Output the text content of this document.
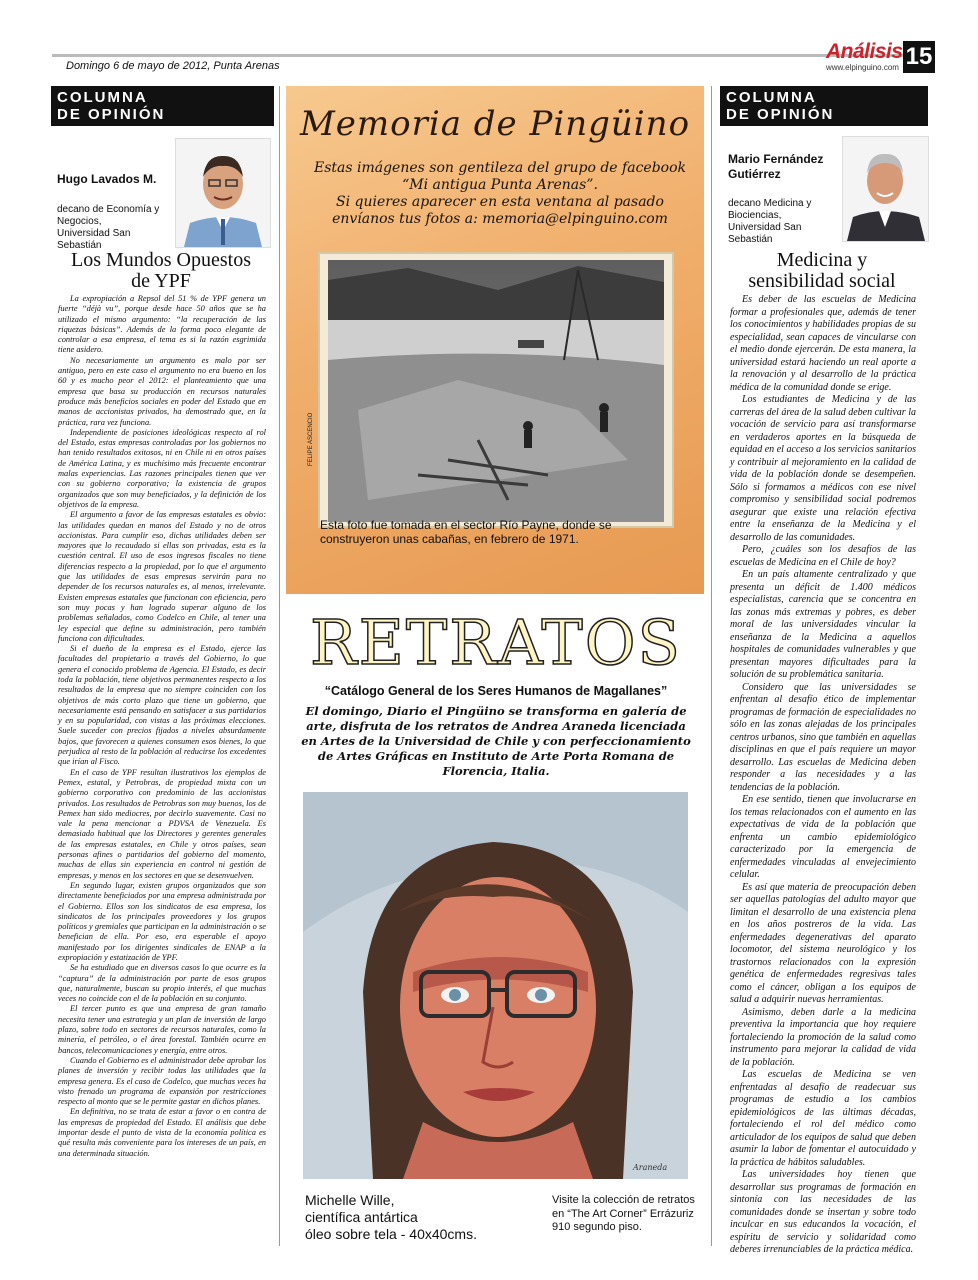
Domingo 6 de mayo de 2012, Punta Arenas
Análisis
www.elpinguino.com 15
COLUMNA
DE OPINIÓN
Hugo Lavados M.
decano de Economía y
Negocios,
Universidad San Sebastián
Los Mundos Opuestos
de YPF

La expropiación a Repsol del 51 % de YPF genera un fuerte “déjà vu”, porque desde hace 50 años que se ha utilizado el mismo argumento: “la recuperación de las riquezas básicas”. Además de la forma poco elegante de controlar a esa empresa, el tema es si la razón esgrimida tiene asidero.

No necesariamente un argumento es malo por ser antiguo, pero en este caso el argumento no era bueno en los 60 y es mucho peor el 2012: el planteamiento que una empresa que basa su producción en recursos naturales produce más beneficios sociales en poder del Estado que en manos de accionistas privados, ha demostrado que, en la práctica, rara vez funciona.

Independiente de posiciones ideológicas respecto al rol del Estado, estas empresas controladas por los gobiernos no han tenido resultados exitosos, ni en Chile ni en otros países de América Latina, y es muchísimo más frecuente encontrar malas experiencias. Las razones principales tienen que ver con su gobierno corporativo; la existencia de grupos organizados que son muy beneficiados, y la definición de los objetivos de la empresa.

El argumento a favor de las empresas estatales es obvio: las utilidades quedan en manos del Estado y no de otros accionistas. Para cumplir eso, dichas utilidades deben ser mayores que lo recaudado si ellas son privadas, esta es la cuestión central. El uso de esos ingresos fiscales no tiene diferencias respecto a la propiedad, por lo que el argumento que las utilidades de esas empresas servirán para no depender de los recursos naturales es, al menos, irrelevante. Existen empresas estatales que funcionan con eficiencia, pero son muy pocas y han logrado superar alguno de los problemas señalados, como Codelco en Chile, al tener una ley especial que define su administración, pero también funciona con dificultades.

Si el dueño de la empresa es el Estado, ejerce las facultades del propietario a través del Gobierno, lo que genera el conocido problema de Agencia. El Estado, es decir toda la población, tiene objetivos permanentes respecto a los resultados de la empresa que no siempre coinciden con los objetivos de más corto plazo que tiene un gobierno, que necesariamente está pensando en satisfacer a sus partidarios y en su popularidad, con vistas a las próximas elecciones. Suele suceder con precios fijados a niveles absurdamente bajos, que favorecen a quienes consumen esos bienes, lo que perjudica al resto de la población al reducirse los excedentes que irían al Fisco.

En el caso de YPF resultan ilustrativos los ejemplos de Pemex, estatal, y Petrobras, de propiedad mixta con un gobierno corporativo con predominio de las accionistas privados. Los resultados de Petrobras son muy buenos, los de Pemex han sido mediocres, por decirlo suavemente. Casi no vale la pena mencionar a PDVSA de Venezuela. Es demasiado habitual que los Directores y gerentes generales de las empresas estatales, en Chile y otros países, sean personas afines o partidarios del gobierno del momento, muchas de ellas sin experiencia en control ni gestión de empresas, y menos en los sectores en que se desenvuelven.

En segundo lugar, existen grupos organizados que son directamente beneficiados por una empresa administrada por el Gobierno. Ellos son los sindicatos de esa empresa, los sindicatos de los principales proveedores y los grupos políticos y gremiales que participan en la administración o se benefician de ella. Por eso, era esperable el apoyo manifestado por los dirigentes sindicales de ENAP a la expropiación y estatización de YPF.

Se ha estudiado que en diversos casos lo que ocurre es la “captura” de la administración por parte de esos grupos que, naturalmente, buscan su propio interés, el que muchas veces no coincide con el de la población en su conjunto.

El tercer punto es que una empresa de gran tamaño necesita tener una estrategia y un plan de inversión de largo plazo, sobre todo en sectores de recursos naturales, como la minería, el petróleo, o el área forestal. También ocurre en bancos, telecomunicaciones y energía, entre otros.

Cuando el Gobierno es el administrador debe aprobar los planes de inversión y recibir todas las utilidades que la empresa genera. Es el caso de Codelco, que muchas veces ha visto frenado un programa de expansión por restricciones respecto al monto que se le permite gastar en dichos planes.

En definitiva, no se trata de estar a favor o en contra de las empresas de propiedad del Estado. El análisis que debe importar desde el punto de vista de la economía política es qué resulta más conveniente para los intereses de un país, en una determinada situación.

Memoria de Pingüino
Estas imágenes son gentileza del grupo de facebook
“Mi antigua Punta Arenas”.
Si quieres aparecer en esta ventana al pasado
envíanos tus fotos a: memoria@elpinguino.com
FELIPE ASCENCIO
Esta foto fue tomada en el sector Río Payne, donde se construyeron unas cabañas, en febrero de 1971.
RETRATOS
“Catálogo General de los Seres Humanos de Magallanes”
El domingo, Diario el Pingüino se transforma en galería de arte, disfruta de los retratos de Andrea Araneda licenciada en Artes de la Universidad de Chile y con perfeccionamiento de Artes Gráficas en Instituto de Arte Porta Romana de Florencia, Italia.
Araneda
Michelle Wille,
científica antártica
óleo sobre tela - 40x40cms.
Visite la colección de retratos en “The Art Corner” Errázuriz 910 segundo piso.
COLUMNA
DE OPINIÓN
Mario Fernández
Gutiérrez
decano Medicina y
Biociencias,
Universidad San Sebastián
Medicina y
sensibilidad social

Es deber de las escuelas de Medicina formar a profesionales que, además de tener los conocimientos y habilidades propias de su especialidad, sean capaces de vincularse con el medio donde ejercerán. De esta manera, la universidad estará haciendo un real aporte a la renovación y al desarrollo de la práctica médica de la comunidad donde se erige.

Los estudiantes de Medicina y de las carreras del área de la salud deben cultivar la vocación de servicio para así transformarse en verdaderos aportes en la búsqueda de equidad en el acceso a los servicios sanitarios y contribuir al mejoramiento en la calidad de vida de la población donde se desempeñen. Sólo si formamos a médicos con ese nivel compromiso y sensibilidad social podremos asegurar que existe una relación efectiva entre la enseñanza de la Medicina y el desarrollo de las comunidades.

Pero, ¿cuáles son los desafíos de las escuelas de Medicina en el Chile de hoy?

En un país altamente centralizado y que presenta un déficit de 1.400 médicos especialistas, carencia que se concentra en las zonas más extremas y pobres, es deber moral de las universidades vincular la enseñanza de la Medicina a aquellos hospitales de comunidades vulnerables y que presentan mayores dificultades para la solución de su problemática sanitaria.

Considero que las universidades se enfrentan al desafío ético de implementar programas de formación de especialidades no sólo en las zonas alejadas de los principales centros urbanos, sino que también en aquellas disciplinas en que el país requiere un mayor desarrollo. Las escuelas de Medicina deben responder a las necesidades y a las tendencias de la población.

En ese sentido, tienen que involucrarse en los temas relacionados con el aumento en las expectativas de vida de la población que enfrenta un cambio epidemiológico caracterizado por la emergencia de enfermedades vinculadas al envejecimiento celular.

Es así que materia de preocupación deben ser aquellas patologías del adulto mayor que limitan el desarrollo de una existencia plena en los años postreros de la vida. Las enfermedades degenerativas del aparato locomotor, del sistema neurológico y los trastornos relacionados con la expresión genética de enfermedades regresivas tales como el cáncer, obligan a los equipos de salud a adquirir nuevas herramientas.

Asimismo, deben darle a la medicina preventiva la importancia que hoy requiere fortaleciendo la promoción de la salud como instrumento para mejorar la calidad de vida de la población.

Las escuelas de Medicina se ven enfrentadas al desafío de readecuar sus programas de estudio a los cambios epidemiológicos de las últimas décadas, fortaleciendo el rol del médico como articulador de los equipos de salud que deben asumir la labor de fomentar el autocuidado y la práctica de hábitos saludables.

Las universidades hoy tienen que desarrollar sus programas de formación en sintonía con las necesidades de las comunidades donde se insertan y sobre todo inculcar en sus educandos la vocación, el espíritu de servicio y solidaridad como deberes irrenunciables de la práctica médica.
